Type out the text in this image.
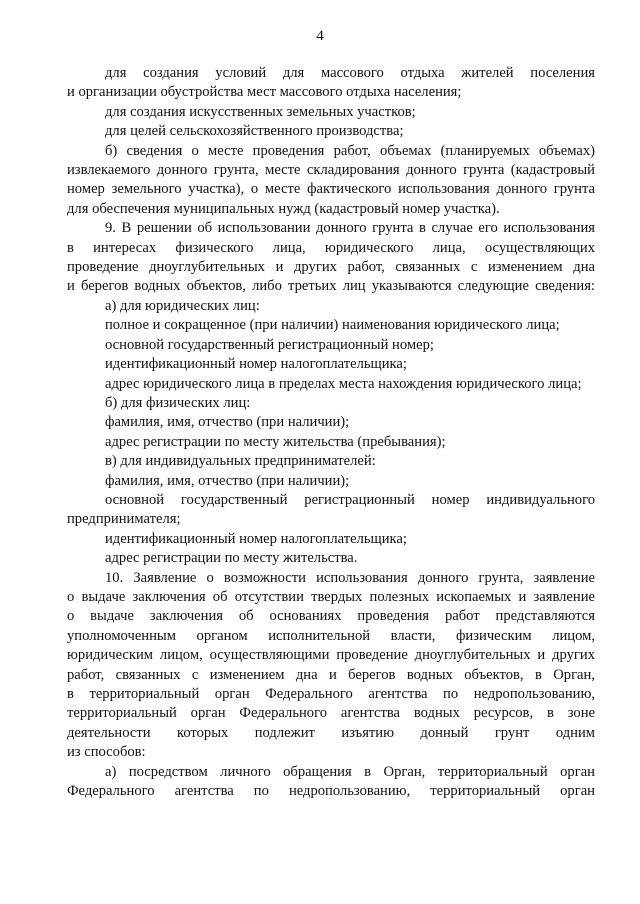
4
для создания условий для массового отдыха жителей поселения
и организации обустройства мест массового отдыха населения;
для создания искусственных земельных участков;
для целей сельскохозяйственного производства;
б) сведения о месте проведения работ, объемах (планируемых объемах)
извлекаемого донного грунта, месте складирования донного грунта (кадастровый
номер земельного участка), о месте фактического использования донного грунта
для обеспечения муниципальных нужд (кадастровый номер участка).
9. В решении об использовании донного грунта в случае его использования
в интересах физического лица, юридического лица, осуществляющих
проведение дноуглубительных и других работ, связанных с изменением дна
и берегов водных объектов, либо третьих лиц указываются следующие сведения:
а) для юридических лиц:
полное и сокращенное (при наличии) наименования юридического лица;
основной государственный регистрационный номер;
идентификационный номер налогоплательщика;
адрес юридического лица в пределах места нахождения юридического лица;
б) для физических лиц:
фамилия, имя, отчество (при наличии);
адрес регистрации по месту жительства (пребывания);
в) для индивидуальных предпринимателей:
фамилия, имя, отчество (при наличии);
основной государственный регистрационный номер индивидуального
предпринимателя;
идентификационный номер налогоплательщика;
адрес регистрации по месту жительства.
10. Заявление о возможности использования донного грунта, заявление
о выдаче заключения об отсутствии твердых полезных ископаемых и заявление
о выдаче заключения об основаниях проведения работ представляются
уполномоченным органом исполнительной власти, физическим лицом,
юридическим лицом, осуществляющими проведение дноуглубительных и других
работ, связанных с изменением дна и берегов водных объектов, в Орган,
в территориальный орган Федерального агентства по недропользованию,
территориальный орган Федерального агентства водных ресурсов, в зоне
деятельности которых подлежит изъятию донный грунт одним
из способов:
а) посредством личного обращения в Орган, территориальный орган
Федерального агентства по недропользованию, территориальный орган
